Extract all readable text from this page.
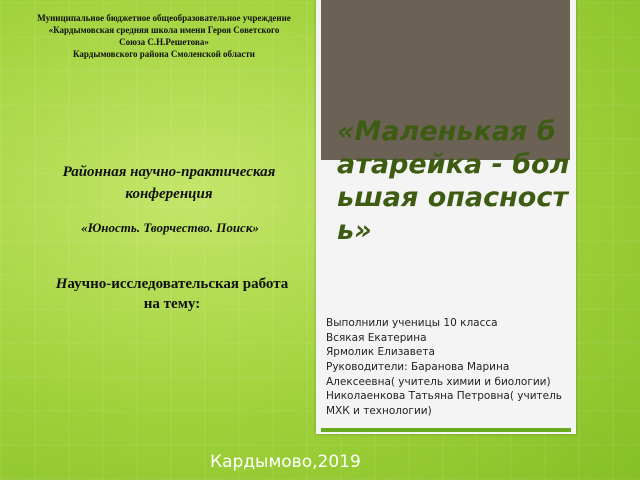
Муниципальное бюджетное общеобразовательное учреждение
«Кардымовская средняя школа имени Героя Советского
Союза С.Н.Решетова»
Кардымовского района Смоленской области
Районная научно-практическая
конференция
«Юность. Творчество. Поиск»
Научно-исследовательская работа
на тему:
«Маленькая батарейка - большая опасность»
Выполнили ученицы 10 класса
Всякая Екатерина
Ярмолик Елизавета
Руководители: Баранова Марина Алексеевна( учитель химии и биологии)
Николаенкова Татьяна Петровна( учитель МХК и технологии)
Кардымово,2019
